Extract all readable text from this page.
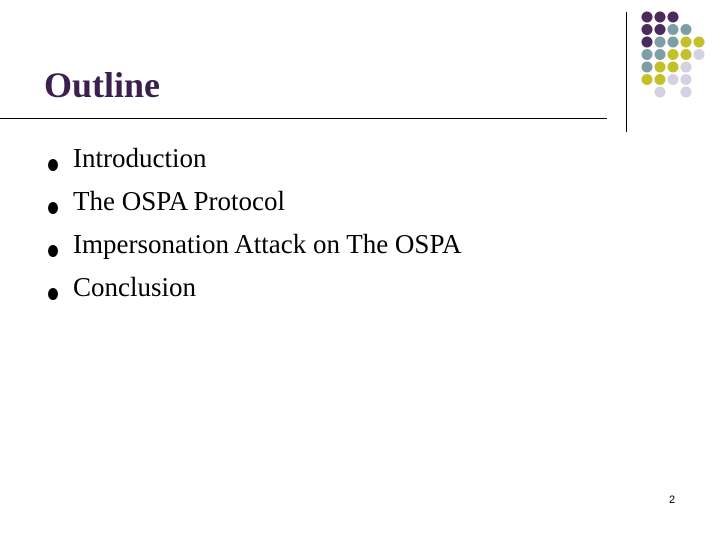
Outline
Introduction
The OSPA Protocol
Impersonation Attack on The OSPA
Conclusion
2
